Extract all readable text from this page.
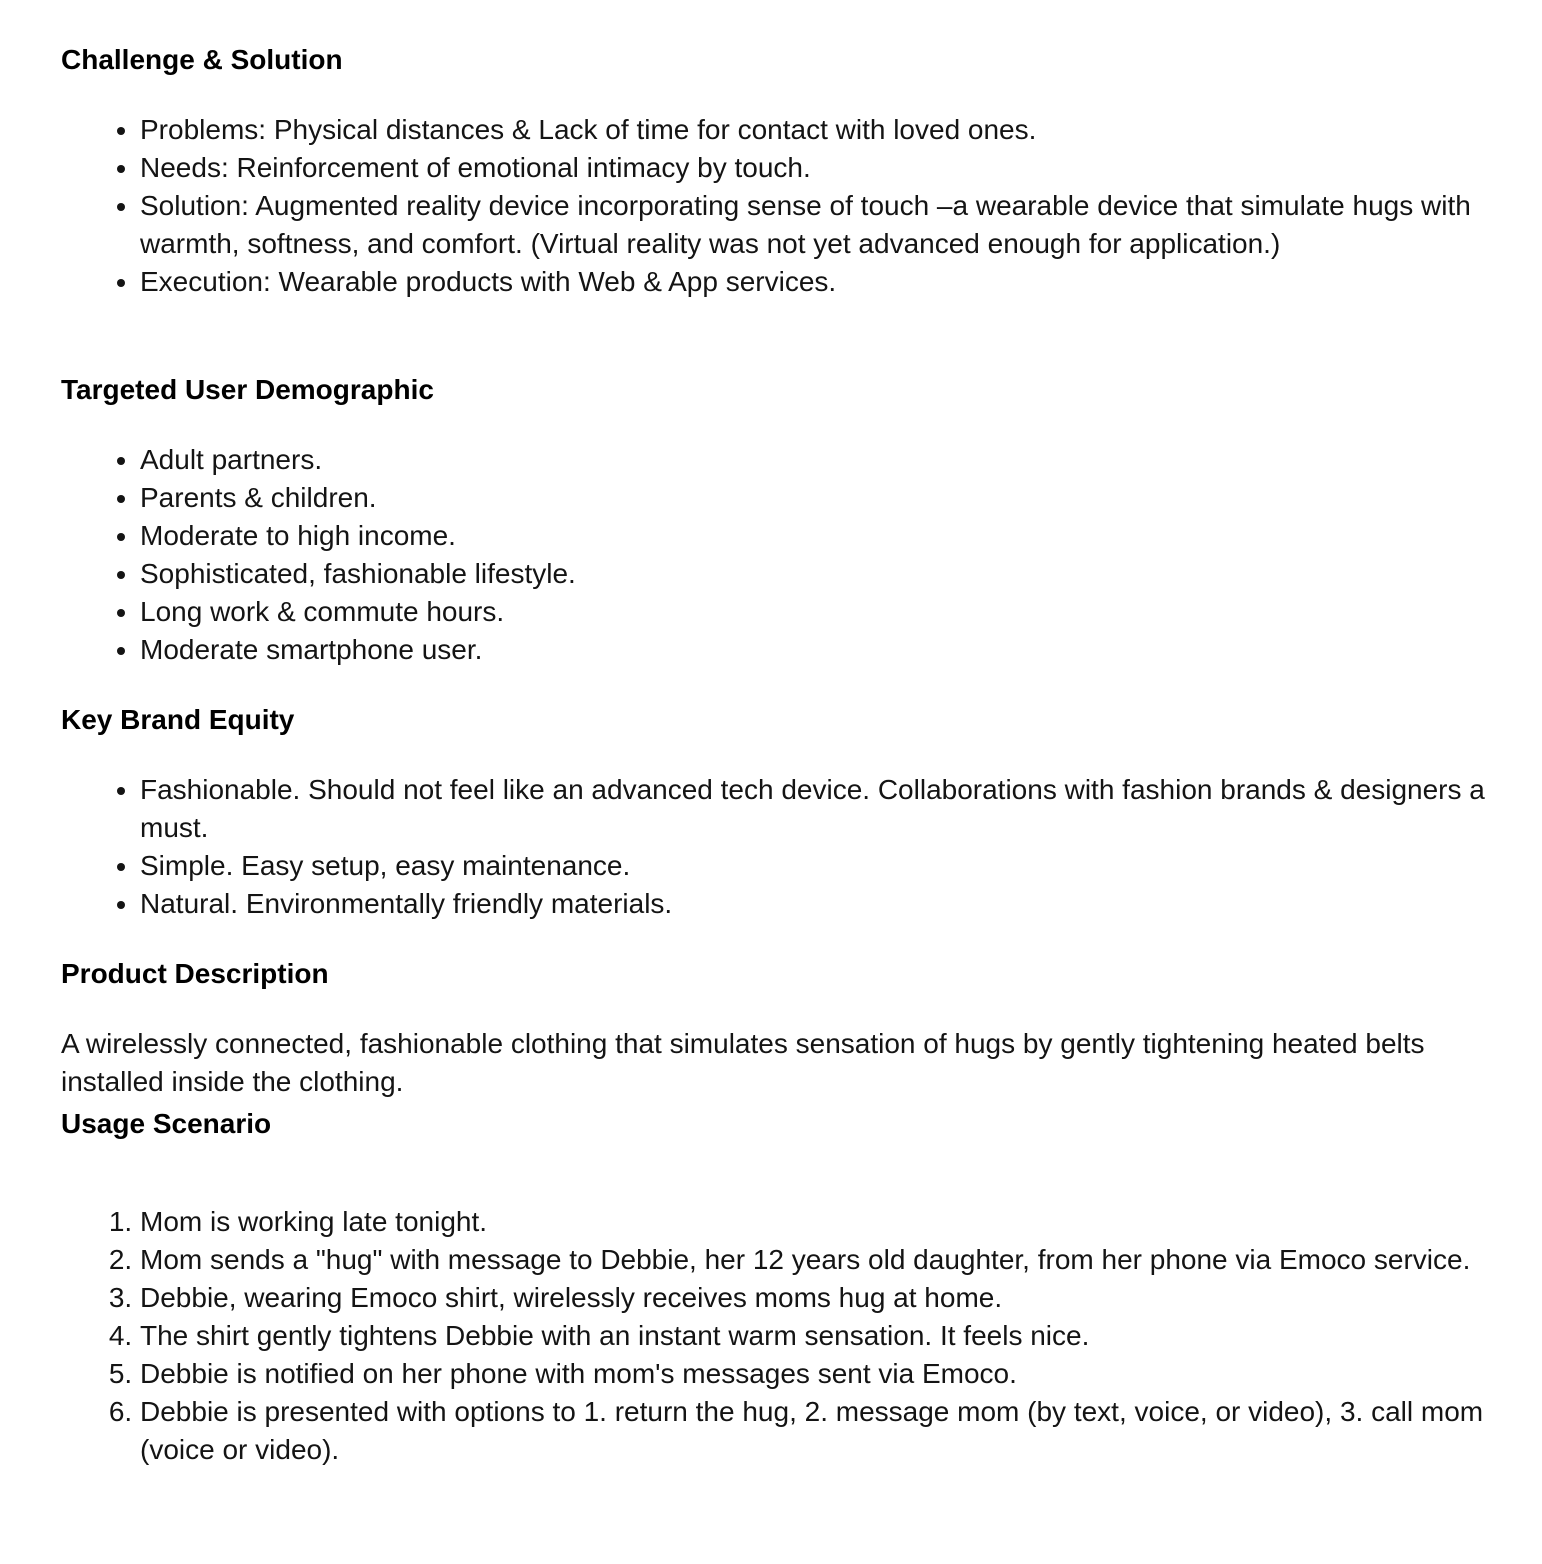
Challenge & Solution
• Problems: Physical distances & Lack of time for contact with loved ones.
• Needs: Reinforcement of emotional intimacy by touch.
• Solution: Augmented reality device incorporating sense of touch –a wearable device that simulate hugs with warmth, softness, and comfort. (Virtual reality was not yet advanced enough for application.)
• Execution: Wearable products with Web & App services.
Targeted User Demographic
• Adult partners.
• Parents & children.
• Moderate to high income.
• Sophisticated, fashionable lifestyle.
• Long work & commute hours.
• Moderate smartphone user.
Key Brand Equity
• Fashionable. Should not feel like an advanced tech device. Collaborations with fashion brands & designers a must.
• Simple. Easy setup, easy maintenance.
• Natural. Environmentally friendly materials.
Product Description

A wirelessly connected, fashionable clothing that simulates sensation of hugs by gently tightening heated belts installed inside the clothing.

Usage Scenario
1. Mom is working late tonight.
2. Mom sends a "hug" with message to Debbie, her 12 years old daughter, from her phone via Emoco service.
3. Debbie, wearing Emoco shirt, wirelessly receives moms hug at home.
4. The shirt gently tightens Debbie with an instant warm sensation. It feels nice.
5. Debbie is notified on her phone with mom's messages sent via Emoco.
6. Debbie is presented with options to 1. return the hug, 2. message mom (by text, voice, or video), 3. call mom (voice or video).
